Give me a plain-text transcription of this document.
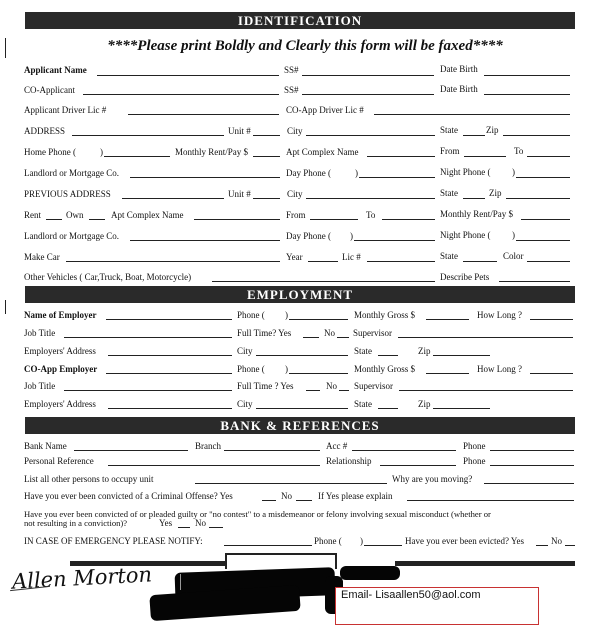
IDENTIFICATION
****Please print Boldly and Clearly this form will be faxed****
Applicant Name	SS#	Date Birth
CO-Applicant	SS#	Date Birth
Applicant Driver Lic #	CO-App Driver Lic #
ADDRESS	Unit #	City	State	Zip
Home Phone (	)	Monthly Rent/Pay $	Apt Complex Name	From	To
Landlord or Mortgage Co.	Day Phone (	)	Night Phone ( )
PREVIOUS ADDRESS	Unit #	City	State	Zip
Rent	Own	Apt Complex Name	From	To	Monthly Rent/Pay $
Landlord or Mortgage Co.	Day Phone ( )	Night Phone ( )
Make Car	Year	Lic #	State	Color
Other Vehicles ( Car,Truck, Boat, Motorcycle)	Describe Pets
EMPLOYMENT
Name of Employer	Phone ( )	Monthly Gross $	How Long ?
Job Title	Full Time? Yes	No Supervisor
Employers' Address	City	State	Zip
CO-App Employer	Phone ( )	Monthly Gross $	How Long ?
Job Title	Full Time ? Yes	No Supervisor
Employers' Address	City	State	Zip
BANK & REFERENCES
Bank Name	Branch	Acc #	Phone
Personal Reference	Relationship	Phone
List all other persons to occupy unit	Why are you moving?
Have you ever been convicted of a Criminal Offense? Yes	No	If Yes please explain
Have you ever been convicted of or pleaded guilty or "no contest" to a misdemeanor or felony involving sexual misconduct (whether or
not resulting in a conviction)?	Yes	No
IN CASE OF EMERGENCY PLEASE NOTIFY:	Phone ( )	Have you ever been evicted? Yes	No
Allen Morton
Email- Lisaallen50@aol.com
